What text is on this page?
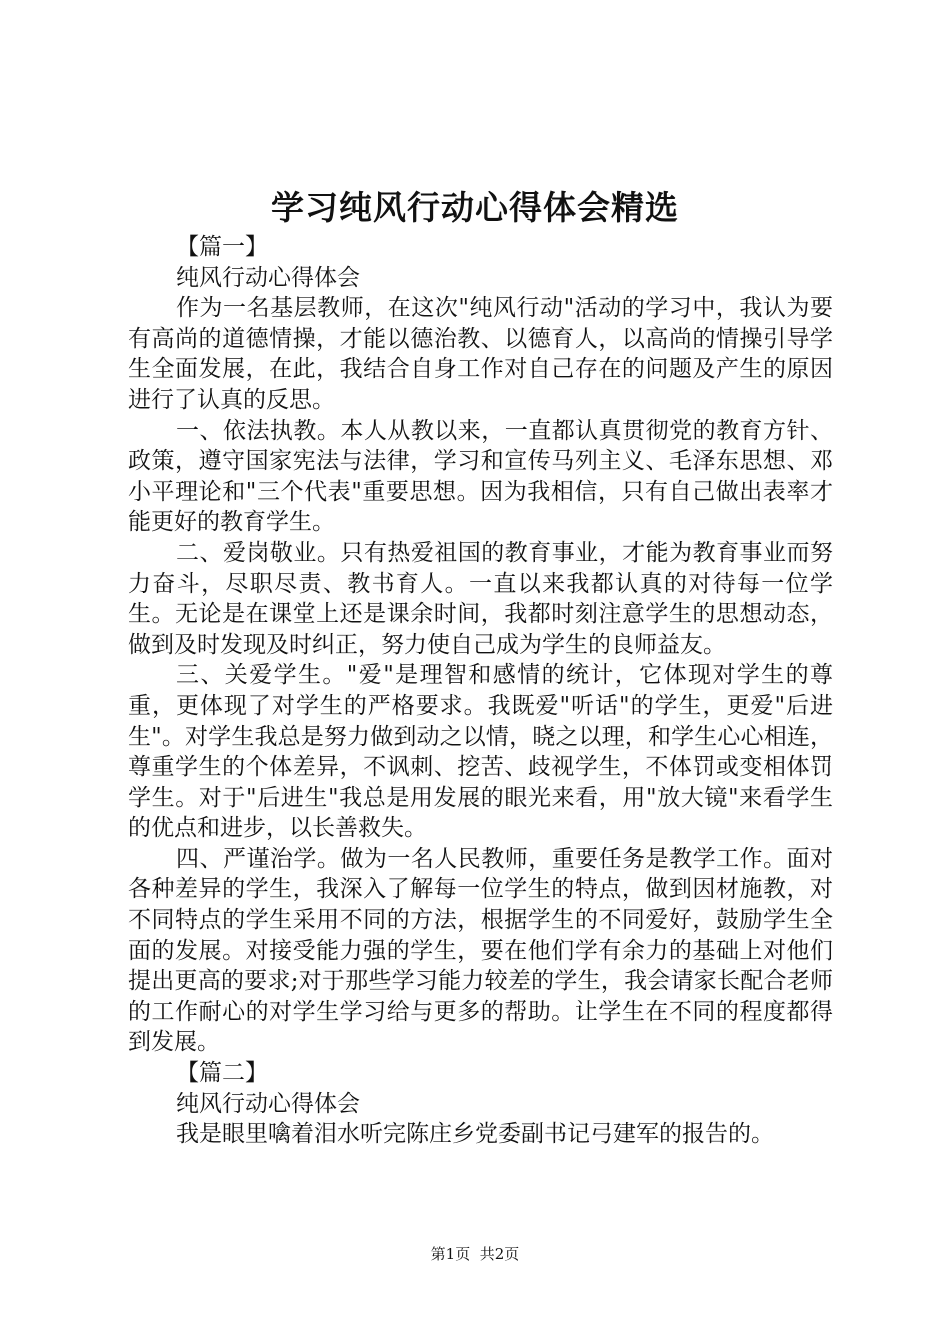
学习纯风行动心得体会精选

【篇一】

纯风行动心得体会

作为一名基层教师，在这次"纯风行动"活动的学习中，我认为要有高尚的道德情操，才能以德治教、以德育人，以高尚的情操引导学生全面发展，在此，我结合自身工作对自己存在的问题及产生的原因进行了认真的反思。

一、依法执教。本人从教以来，一直都认真贯彻党的教育方针、政策，遵守国家宪法与法律，学习和宣传马列主义、毛泽东思想、邓小平理论和"三个代表"重要思想。因为我相信，只有自己做出表率才能更好的教育学生。

二、爱岗敬业。只有热爱祖国的教育事业，才能为教育事业而努力奋斗，尽职尽责、教书育人。一直以来我都认真的对待每一位学生。无论是在课堂上还是课余时间，我都时刻注意学生的思想动态，做到及时发现及时纠正，努力使自己成为学生的良师益友。

三、关爱学生。"爱"是理智和感情的统计，它体现对学生的尊重，更体现了对学生的严格要求。我既爱"听话"的学生，更爱"后进生"。对学生我总是努力做到动之以情，晓之以理，和学生心心相连，尊重学生的个体差异，不讽刺、挖苦、歧视学生，不体罚或变相体罚学生。对于"后进生"我总是用发展的眼光来看，用"放大镜"来看学生的优点和进步，以长善救失。

四、严谨治学。做为一名人民教师，重要任务是教学工作。面对各种差异的学生，我深入了解每一位学生的特点，做到因材施教，对不同特点的学生采用不同的方法，根据学生的不同爱好，鼓励学生全面的发展。对接受能力强的学生，要在他们学有余力的基础上对他们提出更高的要求;对于那些学习能力较差的学生，我会请家长配合老师的工作耐心的对学生学习给与更多的帮助。让学生在不同的程度都得到发展。

【篇二】

纯风行动心得体会

我是眼里噙着泪水听完陈庄乡党委副书记弓建军的报告的。

第1页 共2页
